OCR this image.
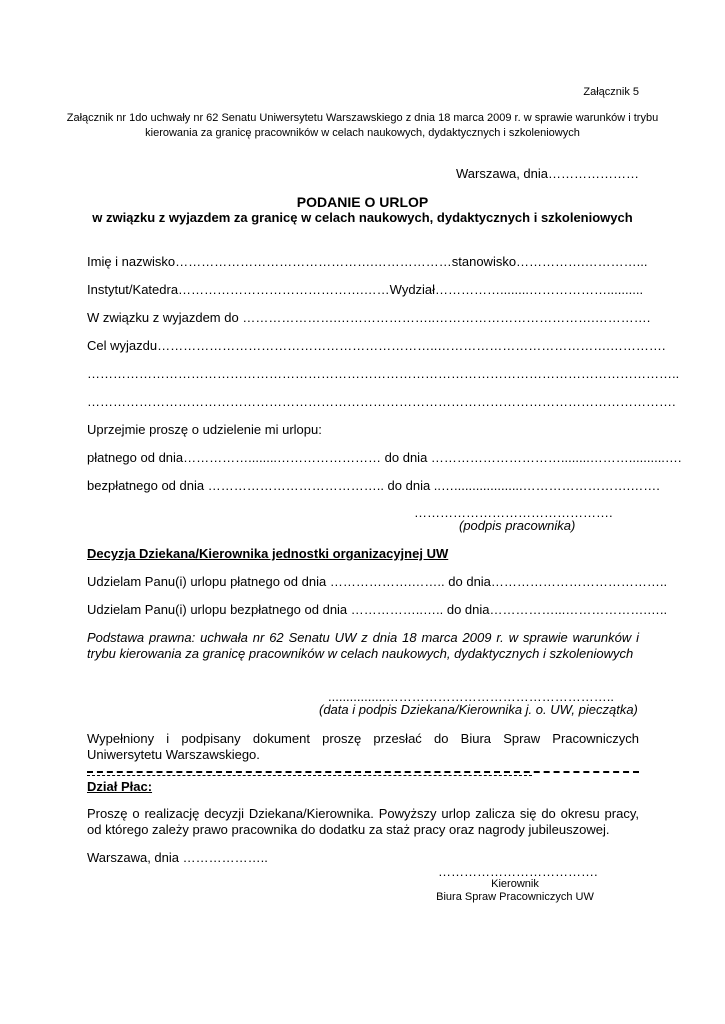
Załącznik 5
Załącznik nr 1do uchwały nr 62 Senatu Uniwersytetu Warszawskiego z dnia 18 marca 2009 r. w sprawie warunków i trybu kierowania za granicę pracowników w celach naukowych, dydaktycznych i szkoleniowych
Warszawa, dnia…………………
PODANIE O URLOP
w związku z wyjazdem za granicę w celach naukowych, dydaktycznych i szkoleniowych
Imię i nazwisko……………………………………….………………stanowisko…………….…………...
Instytut/Katedra…………………………………….……Wydział……………........………………..........
W związku z wyjazdem do ………………….…………………..……………………………….………….
Cel wyjazdu………………………………………………………..………………………………….………….
………………………………………………………………………………………………………………………..
……………………………………………………………………………………………………………………….
Uprzejmie proszę o udzielenie mi urlopu:
płatnego od dnia……………........…………………… do dnia …………………………........………..........….
bezpłatnego od dnia ………………………………….. do dnia ..…...................…………………….…….
……………………………………….
(podpis pracownika)
Decyzja Dziekana/Kierownika jednostki organizacyjnej UW
Udzielam Panu(i) urlopu płatnego od dnia ……………….…….. do dnia…………………………………..
Udzielam Panu(i) urlopu bezpłatnego od dnia ……………..….. do dnia……………...……………….…..
Podstawa prawna: uchwała nr 62 Senatu UW z dnia 18 marca 2009 r. w sprawie warunków i trybu kierowania za granicę pracowników w celach naukowych, dydaktycznych i szkoleniowych
................……………………………………………..
(data i podpis Dziekana/Kierownika j. o. UW, pieczątka)
Wypełniony i podpisany dokument proszę przesłać do Biura Spraw Pracowniczych Uniwersytetu Warszawskiego.
Dział Płac:
Proszę o realizację decyzji Dziekana/Kierownika. Powyższy urlop zalicza się do okresu pracy, od którego zależy prawo pracownika do dodatku za staż pracy oraz nagrody jubileuszowej.
Warszawa, dnia ………………..
……………………………….
Kierownik
Biura Spraw Pracowniczych UW
